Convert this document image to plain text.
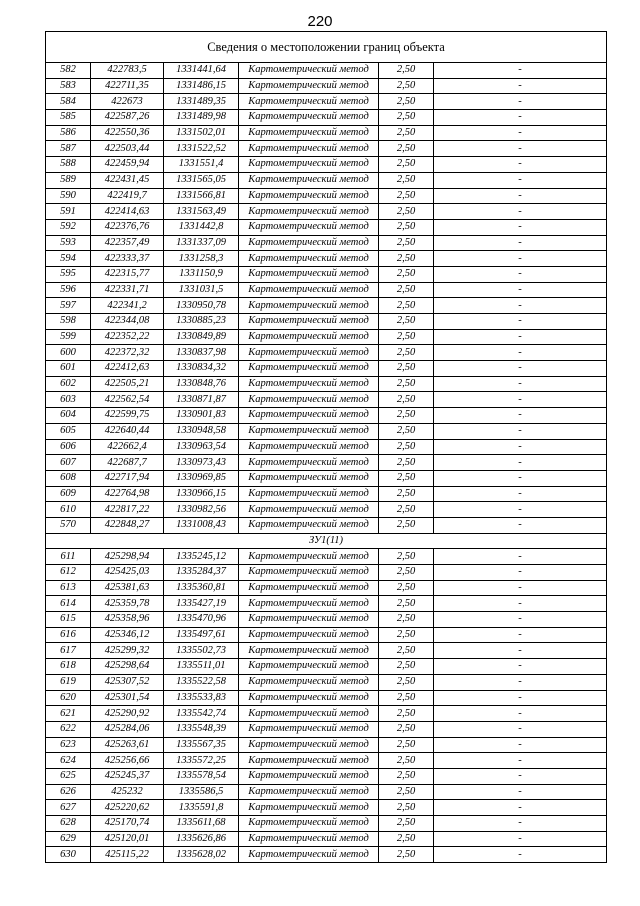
220
Сведения о местоположении границ объекта					
582	422783,5	1331441,64	Картометрический метод	2,50	-
583	422711,35	1331486,15	Картометрический метод	2,50	-
584	422673	1331489,35	Картометрический метод	2,50	-
585	422587,26	1331489,98	Картометрический метод	2,50	-
586	422550,36	1331502,01	Картометрический метод	2,50	-
587	422503,44	1331522,52	Картометрический метод	2,50	-
588	422459,94	1331551,4	Картометрический метод	2,50	-
589	422431,45	1331565,05	Картометрический метод	2,50	-
590	422419,7	1331566,81	Картометрический метод	2,50	-
591	422414,63	1331563,49	Картометрический метод	2,50	-
592	422376,76	1331442,8	Картометрический метод	2,50	-
593	422357,49	1331337,09	Картометрический метод	2,50	-
594	422333,37	1331258,3	Картометрический метод	2,50	-
595	422315,77	1331150,9	Картометрический метод	2,50	-
596	422331,71	1331031,5	Картометрический метод	2,50	-
597	422341,2	1330950,78	Картометрический метод	2,50	-
598	422344,08	1330885,23	Картометрический метод	2,50	-
599	422352,22	1330849,89	Картометрический метод	2,50	-
600	422372,32	1330837,98	Картометрический метод	2,50	-
601	422412,63	1330834,32	Картометрический метод	2,50	-
602	422505,21	1330848,76	Картометрический метод	2,50	-
603	422562,54	1330871,87	Картометрический метод	2,50	-
604	422599,75	1330901,83	Картометрический метод	2,50	-
605	422640,44	1330948,58	Картометрический метод	2,50	-
606	422662,4	1330963,54	Картометрический метод	2,50	-
607	422687,7	1330973,43	Картометрический метод	2,50	-
608	422717,94	1330969,85	Картометрический метод	2,50	-
609	422764,98	1330966,15	Картометрический метод	2,50	-
610	422817,22	1330982,56	Картометрический метод	2,50	-
570	422848,27	1331008,43	Картометрический метод	2,50	-
ЗУ1(11)					
611	425298,94	1335245,12	Картометрический метод	2,50	-
612	425425,03	1335284,37	Картометрический метод	2,50	-
613	425381,63	1335360,81	Картометрический метод	2,50	-
614	425359,78	1335427,19	Картометрический метод	2,50	-
615	425358,96	1335470,96	Картометрический метод	2,50	-
616	425346,12	1335497,61	Картометрический метод	2,50	-
617	425299,32	1335502,73	Картометрический метод	2,50	-
618	425298,64	1335511,01	Картометрический метод	2,50	-
619	425307,52	1335522,58	Картометрический метод	2,50	-
620	425301,54	1335533,83	Картометрический метод	2,50	-
621	425290,92	1335542,74	Картометрический метод	2,50	-
622	425284,06	1335548,39	Картометрический метод	2,50	-
623	425263,61	1335567,35	Картометрический метод	2,50	-
624	425256,66	1335572,25	Картометрический метод	2,50	-
625	425245,37	1335578,54	Картометрический метод	2,50	-
626	425232	1335586,5	Картометрический метод	2,50	-
627	425220,62	1335591,8	Картометрический метод	2,50	-
628	425170,74	1335611,68	Картометрический метод	2,50	-
629	425120,01	1335626,86	Картометрический метод	2,50	-
630	425115,22	1335628,02	Картометрический метод	2,50	-
